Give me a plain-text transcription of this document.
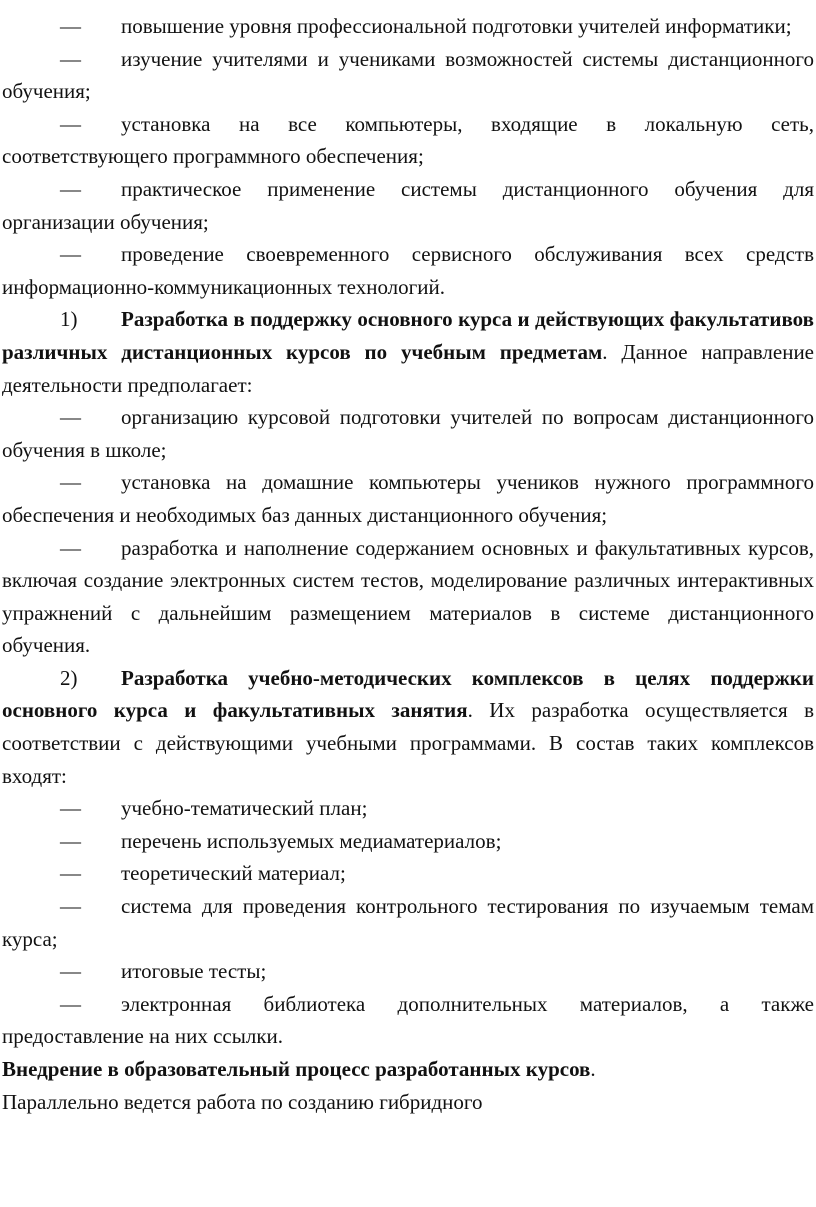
— повышение уровня профессиональной подготовки учителей информатики;

— изучение учителями и учениками возможностей системы дистанционного обучения;

— установка на все компьютеры, входящие в локальную сеть, соответствующего программного обеспечения;

— практическое применение системы дистанционного обучения для организации обучения;

— проведение своевременного сервисного обслуживания всех средств информационно-коммуникационных технологий.

1) Разработка в поддержку основного курса и действующих факультативов различных дистанционных курсов по учебным предметам. Данное направление деятельности предполагает:

— организацию курсовой подготовки учителей по вопросам дистанционного обучения в школе;

— установка на домашние компьютеры учеников нужного программного обеспечения и необходимых баз данных дистанционного обучения;

— разработка и наполнение содержанием основных и факультативных курсов, включая создание электронных систем тестов, моделирование различных интерактивных упражнений с дальнейшим размещением материалов в системе дистанционного обучения.

2) Разработка учебно-методических комплексов в целях поддержки основного курса и факультативных занятия. Их разработка осуществляется в соответствии с действующими учебными программами. В состав таких комплексов входят:

— учебно-тематический план;

— перечень используемых медиаматериалов;

— теоретический материал;

— система для проведения контрольного тестирования по изучаемым темам курса;

— итоговые тесты;

— электронная библиотека дополнительных материалов, а также предоставление на них ссылки.

Внедрение в образовательный процесс разработанных курсов.

Параллельно ведется работа по созданию гибридного
